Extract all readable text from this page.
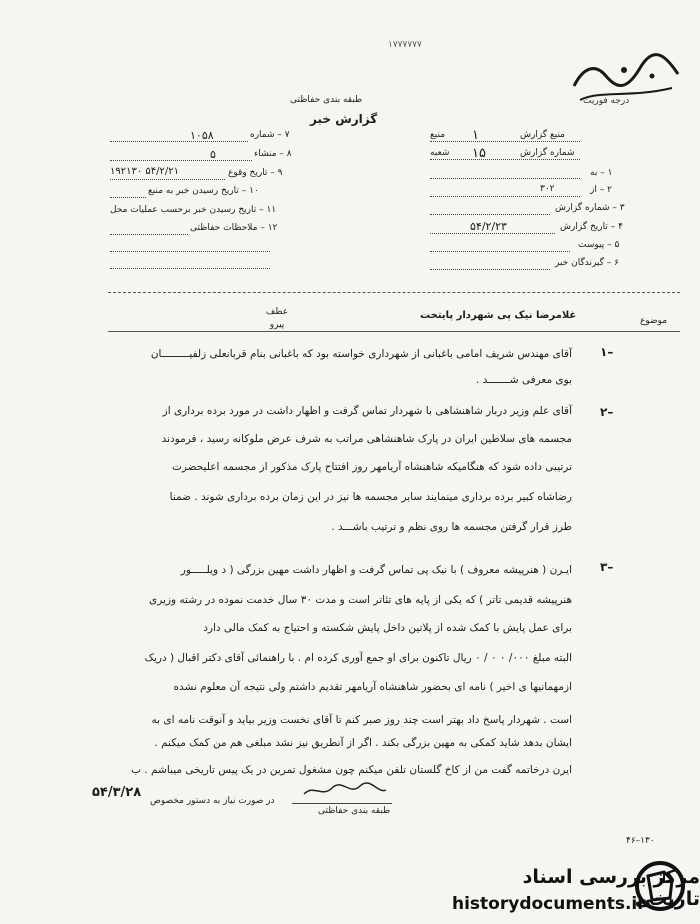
۱۷۷۷۷۷۷
درجه فوریت
طبقه بندی حفاظتی
گزارش خبر
منبع گزارش
۱
منبع
شماره گزارش
۱۵
شعبه
۱ – به
۲ – از
۳۰۲
۳ – شماره گزارش
۴ – تاریخ گزارش
۵۴/۲/۲۳
۵ – پیوست
۶ – گیرندگان خبر
۷ – شماره
۱۰۵۸
۸ – منشاء
۵
۹ – تاریخ وقوع
۵۴/۲/۲۱ ۱۹۲۱۳۰
۱۰ – تاریخ رسیدن خبر به منبع
۱۱ – تاریخ رسیدن خبر برحسب عملیات محل
۱۲ – ملاحظات حفاظتی
موضوع
غلامرضا نیک پی شهردار پایتخت
عطف
پیرو
۱–
آقای مهندس شریف امامی باغبانی از شهرداری خواسته بود که باغبانی بنام قربانعلی زلفیـــــــــان
بوی معرفی شـــــــد .
۲–
آقای علم وزیر دربار شاهنشاهی با شهردار تماس گرفت و اظهار داشت در مورد برده برداری از
مجسمه های سلاطین ایران در پارک شاهنشاهی مراتب به شرف عرض ملوکانه رسید ، فرمودند
ترتیبی داده شود که هنگامیکه شاهنشاه آریامهر روز افتتاح پارک مذکور از مجسمه اعلیحضرت
رضاشاه کبیر برده برداری مینمایند سایر مجسمه ها نیز در این زمان برده برداری شوند . ضمنا
طرز قرار گرفتن مجسمه ها روی نظم و ترتیب باشـــد .
۳–
ایـرن ( هنرپیشه معروف ) با نیک پی تماس گرفت و اظهار داشت مهین بزرگی ( د ویلـــــور
هنرپیشه قدیمی تاتر ) که یکی از پایه های تئاتر است و مدت ۳۰ سال خدمت نموده در رشته وزیری
برای عمل پایش با کمک شده از پلاتین داخل پایش شکسته و احتیاج به کمک مالی دارد
البته مبلغ ۰۰۰/ ۰ ۰ / ۰ ریال تاکنون برای او جمع آوری کرده ام . با راهنمائی آقای دکتر اقبال ( دریک
ازمهمانیها ی اخیر ) نامه ای بحضور شاهنشاه آریامهر تقدیم داشتم ولی نتیجه آن معلوم نشده
است . شهردار پاسخ داد بهتر است چند روز صبر کنم تا آقای نخست وزیر بیاید و آنوقت نامه ای به
ایشان بدهد شاید کمکی به مهین بزرگی بکند . اگر از آنطریق نیز نشد مبلغی هم من کمک میکنم .
ایرن درخاتمه گفت من از کاخ گلستان تلفن میکنم چون مشغول تمرین در یک پیس تاریخی میباشم . ب
طبقه بندی حفاظتی
۵۴/۳/۲۸
در صورت نیاز به دستور مخصوص
۴۶–۱۳۰
مرکز بررسی اسناد تاریخی
historydocuments.ir
